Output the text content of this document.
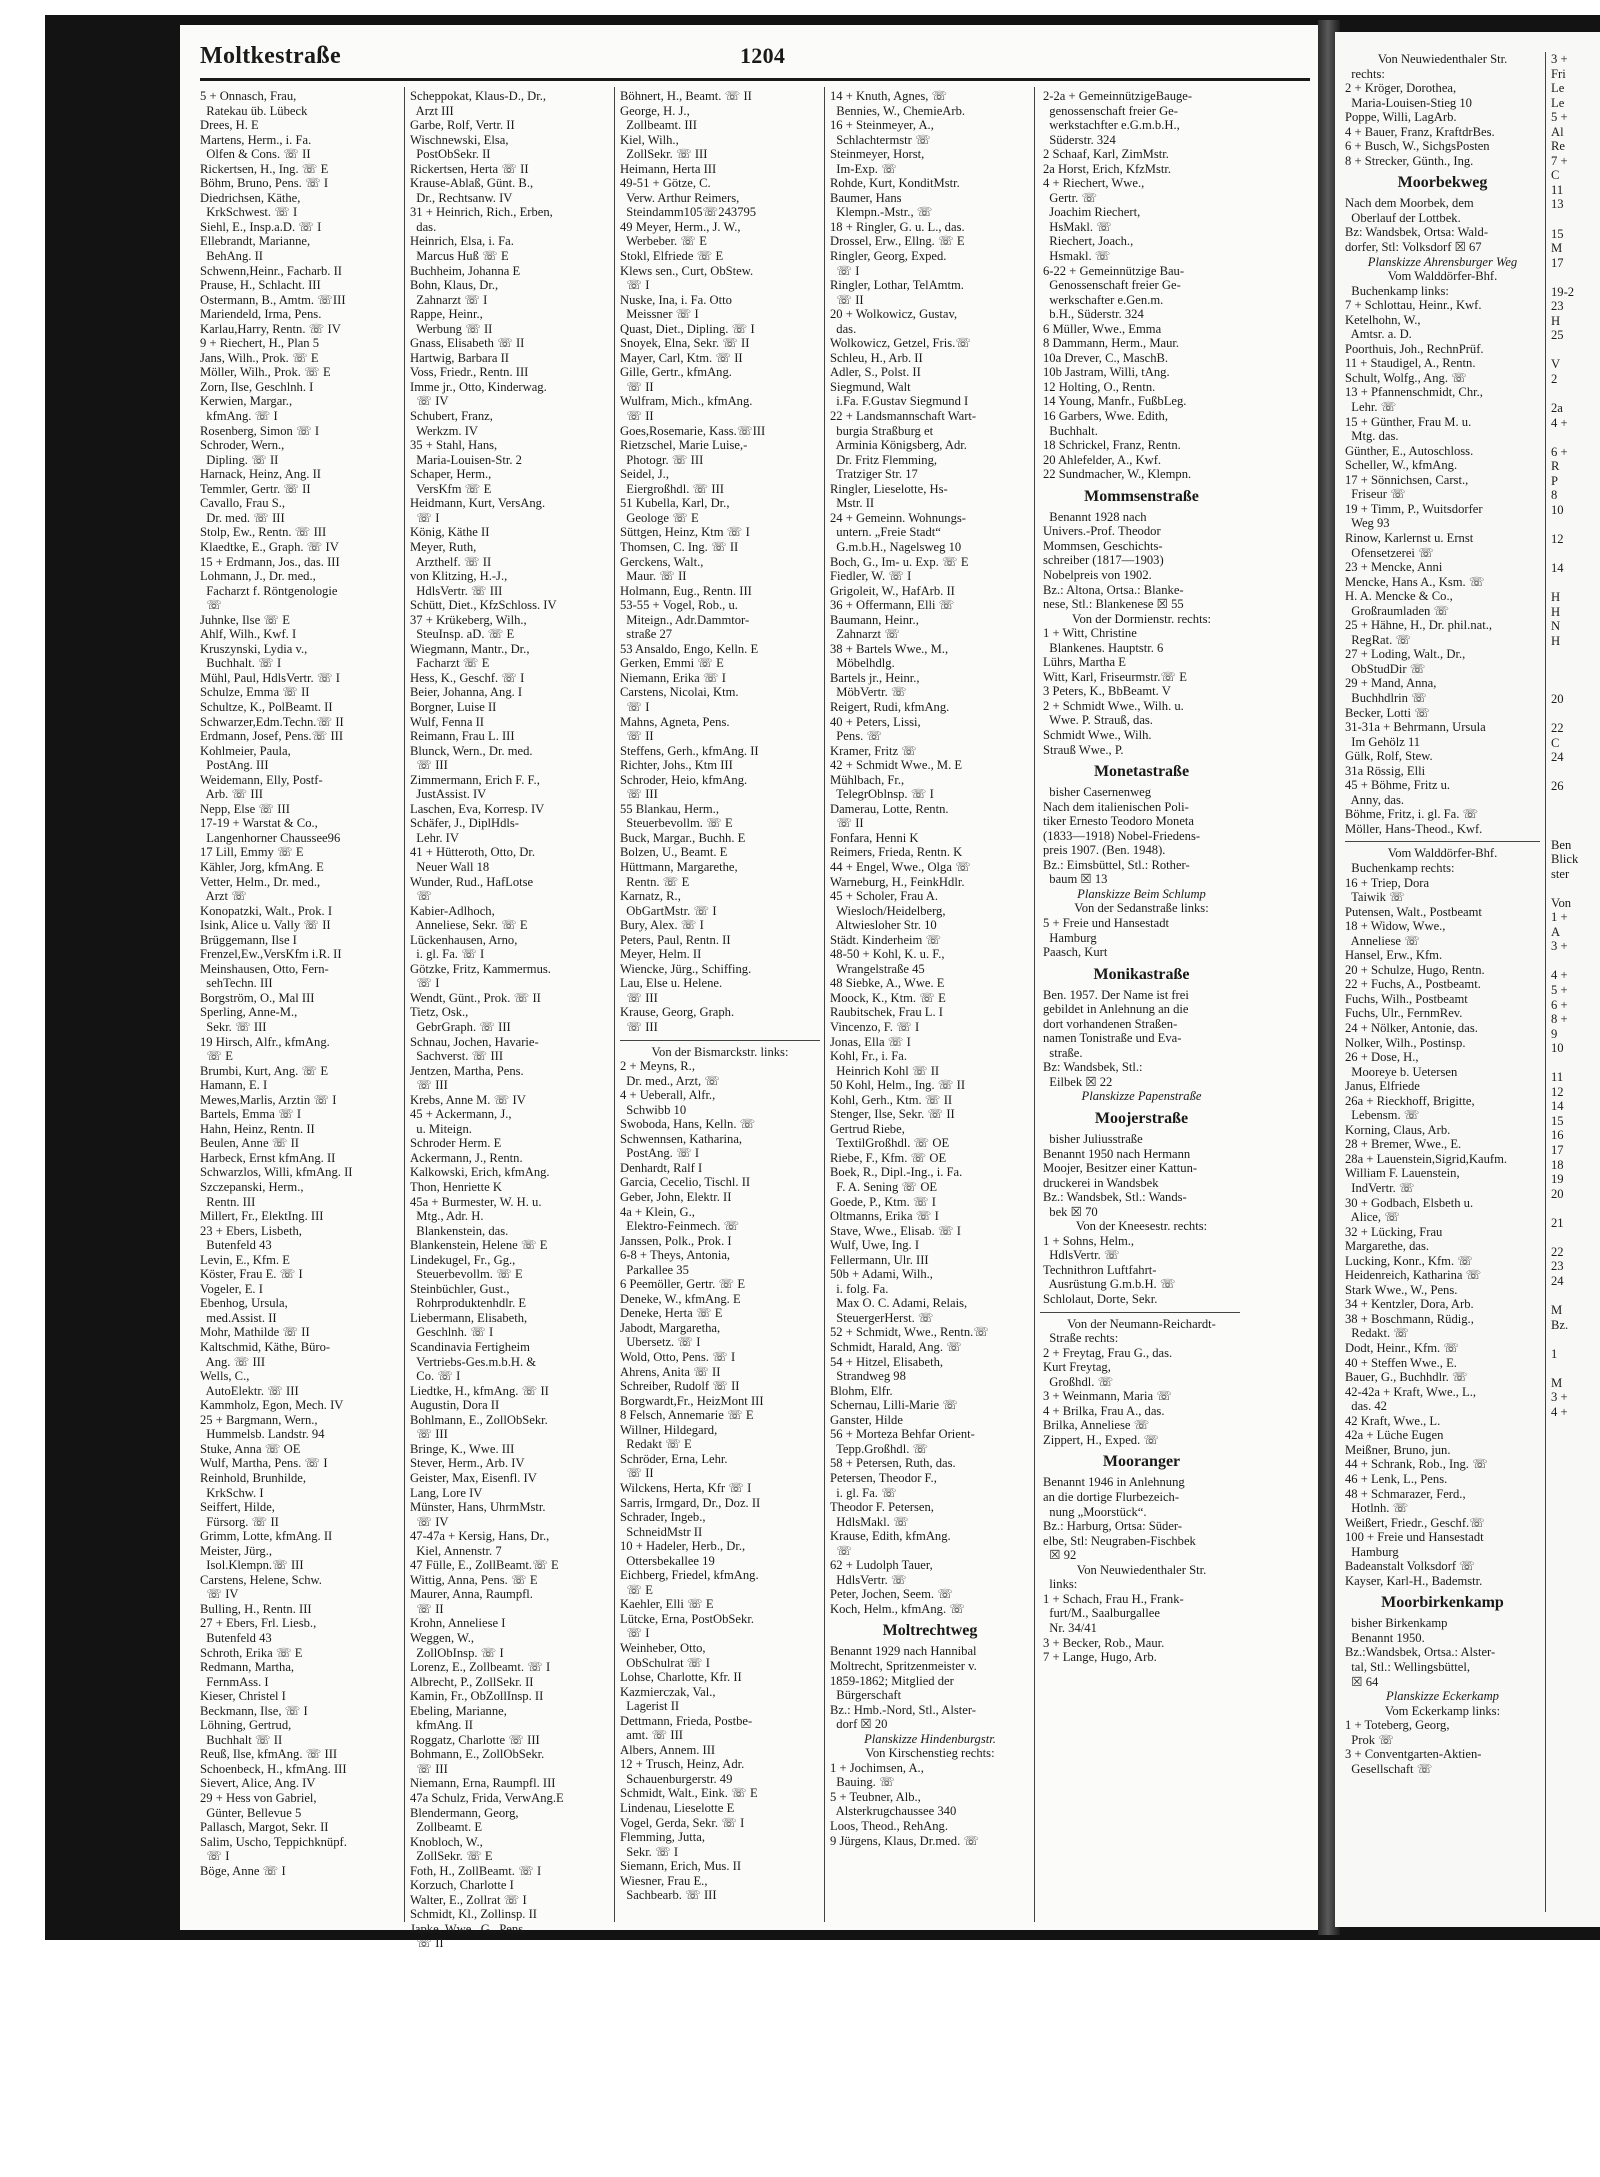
Moltkestraße	1204
5 + Onnasch, Frau,
Ratekau üb. Lübeck
Drees, H. E
Martens, Herm., i. Fa.
Olfen & Cons. ☏ II
Rickertsen, H., Ing. ☏ E
Böhm, Bruno, Pens. ☏ I
Diedrichsen, Käthe,
KrkSchwest. ☏ I
Siehl, E., Insp.a.D. ☏ I
Ellebrandt, Marianne,
BehAng. II
Schwenn,Heinr., Facharb. II
Prause, H., Schlacht. III
Ostermann, B., Amtm. ☏III
Mariendeld, Irma, Pens.
Karlau,Harry, Rentn. ☏ IV
9 + Riechert, H., Plan 5
Jans, Wilh., Prok. ☏ E
Möller, Wilh., Prok. ☏ E
Zorn, Ilse, Geschlnh. I
Kerwien, Margar.,
kfmAng. ☏ I
Rosenberg, Simon ☏ I
Schroder, Wern.,
Dipling. ☏ II
Harnack, Heinz, Ang. II
Temmler, Gertr. ☏ II
Cavallo, Frau S.,
Dr. med. ☏ III
Stolp, Ew., Rentn. ☏ III
Klaedtke, E., Graph. ☏ IV
15 + Erdmann, Jos., das. III
Lohmann, J., Dr. med.,
Facharzt f. Röntgenologie
☏
Juhnke, Ilse ☏ E
Ahlf, Wilh., Kwf. I
Kruszynski, Lydia v.,
Buchhalt. ☏ I
Mühl, Paul, HdlsVertr. ☏ I
Schulze, Emma ☏ II
Schultze, K., PolBeamt. II
Schwarzer,Edm.Techn.☏ II
Erdmann, Josef, Pens.☏ III
Kohlmeier, Paula,
PostAng. III
Weidemann, Elly, Postf-
Arb. ☏ III
Nepp, Else ☏ III
17-19 + Warstat & Co.,
Langenhorner Chaussee96
17 Lill, Emmy ☏ E
Kähler, Jorg, kfmAng. E
Vetter, Helm., Dr. med.,
Arzt ☏
Konopatzki, Walt., Prok. I
Isink, Alice u. Vally ☏ II
Brüggemann, Ilse I
Frenzel,Ew.,VersKfm i.R. II
Meinshausen, Otto, Fern-
sehTechn. III
Borgström, O., Mal III
Sperling, Anne-M.,
Sekr. ☏ III
19 Hirsch, Alfr., kfmAng.
☏ E
Brumbi, Kurt, Ang. ☏ E
Hamann, E. I
Mewes,Marlis, Arztin ☏ I
Bartels, Emma ☏ I
Hahn, Heinz, Rentn. II
Beulen, Anne ☏ II
Harbeck, Ernst kfmAng. II
Schwarzlos, Willi, kfmAng. II
Szczepanski, Herm.,
Rentn. III
Millert, Fr., ElektIng. III
23 + Ebers, Lisbeth,
Butenfeld 43
Levin, E., Kfm. E
Köster, Frau E. ☏ I
Vogeler, E. I
Ebenhog, Ursula,
med.Assist. II
Mohr, Mathilde ☏ II
Kaltschmid, Käthe, Büro-
Ang. ☏ III
Wells, C.,
AutoElektr. ☏ III
Kammholz, Egon, Mech. IV
25 + Bargmann, Wern.,
Hummelsb. Landstr. 94
Stuke, Anna ☏ OE
Wulf, Martha, Pens. ☏ I
Reinhold, Brunhilde,
KrkSchw. I
Seiffert, Hilde,
Fürsorg. ☏ II
Grimm, Lotte, kfmAng. II
Meister, Jürg.,
Isol.Klempn.☏ III
Carstens, Helene, Schw.
☏ IV
Bulling, H., Rentn. III
27 + Ebers, Frl. Liesb.,
Butenfeld 43
Schroth, Erika ☏ E
Redmann, Martha,
FernmAss. I
Kieser, Christel I
Beckmann, Ilse, ☏ I
Löhning, Gertrud,
Buchhalt ☏ II
Reuß, Ilse, kfmAng. ☏ III
Schoenbeck, H., kfmAng. III
Sievert, Alice, Ang. IV
29 + Hess von Gabriel,
Günter, Bellevue 5
Pallasch, Margot, Sekr. II
Salim, Uscho, Teppichknüpf.
☏ I
Böge, Anne ☏ I
Scheppokat, Klaus-D., Dr.,
Arzt III
Garbe, Rolf, Vertr. II
Wischnewski, Elsa,
PostObSekr. II
Rickertsen, Herta ☏ II
Krause-Ablaß, Günt. B.,
Dr., Rechtsanw. IV
31 + Heinrich, Rich., Erben,
das.
Heinrich, Elsa, i. Fa.
Marcus Huß ☏ E
Buchheim, Johanna E
Bohn, Klaus, Dr.,
Zahnarzt ☏ I
Rappe, Heinr.,
Werbung ☏ II
Gnass, Elisabeth ☏ II
Hartwig, Barbara II
Voss, Friedr., Rentn. III
Imme jr., Otto, Kinderwag.
☏ IV
Schubert, Franz,
Werkzm. IV
35 + Stahl, Hans,
Maria-Louisen-Str. 2
Schaper, Herm.,
VersKfm ☏ E
Heidmann, Kurt, VersAng.
☏ I
König, Käthe II
Meyer, Ruth,
Arzthelf. ☏ II
von Klitzing, H.-J.,
HdlsVertr. ☏ III
Schütt, Diet., KfzSchloss. IV
37 + Krükeberg, Wilh.,
SteuInsp. aD. ☏ E
Wiegmann, Mantr., Dr.,
Facharzt ☏ E
Hess, K., Geschf. ☏ I
Beier, Johanna, Ang. I
Borgner, Luise II
Wulf, Fenna II
Reimann, Frau L. III
Blunck, Wern., Dr. med.
☏ III
Zimmermann, Erich F. F.,
JustAssist. IV
Laschen, Eva, Korresp. IV
Schäfer, J., DiplHdls-
Lehr. IV
41 + Hütteroth, Otto, Dr.
Neuer Wall 18
Wunder, Rud., HafLotse
☏
Kabier-Adlhoch,
Anneliese, Sekr. ☏ E
Lückenhausen, Arno,
i. gl. Fa. ☏ I
Götzke, Fritz, Kammermus.
☏ I
Wendt, Günt., Prok. ☏ II
Tietz, Osk.,
GebrGraph. ☏ III
Schnau, Jochen, Havarie-
Sachverst. ☏ III
Jentzen, Martha, Pens.
☏ III
Krebs, Anne M. ☏ IV
45 + Ackermann, J.,
u. Miteign.
Schroder Herm. E
Ackermann, J., Rentn.
Kalkowski, Erich, kfmAng.
Thon, Henriette K
45a + Burmester, W. H. u.
Mtg., Adr. H.
Blankenstein, das.
Blankenstein, Helene ☏ E
Lindekugel, Fr., Gg.,
Steuerbevollm. ☏ E
Steinbüchler, Gust.,
Rohrproduktenhdlr. E
Liebermann, Elisabeth,
Geschlnh. ☏ I
Scandinavia Fertigheim
Vertriebs-Ges.m.b.H. &
Co. ☏ I
Liedtke, H., kfmAng. ☏ II
Augustin, Dora II
Bohlmann, E., ZollObSekr.
☏ III
Bringe, K., Wwe. III
Stever, Herm., Arb. IV
Geister, Max, Eisenfl. IV
Lang, Lore IV
Münster, Hans, UhrmMstr.
☏ IV
47-47a + Kersig, Hans, Dr.,
Kiel, Annenstr. 7
47 Fülle, E., ZollBeamt.☏ E
Wittig, Anna, Pens. ☏ E
Maurer, Anna, Raumpfl.
☏ II
Krohn, Anneliese I
Weggen, W.,
ZollObInsp. ☏ I
Lorenz, E., Zollbeamt. ☏ I
Albrecht, P., ZollSekr. II
Kamin, Fr., ObZollInsp. II
Ebeling, Marianne,
kfmAng. II
Roggatz, Charlotte ☏ III
Bohmann, E., ZollObSekr.
☏ III
Niemann, Erna, Raumpfl. III
47a Schulz, Frida, VerwAng.E
Blendermann, Georg,
Zollbeamt. E
Knobloch, W.,
ZollSekr. ☏ E
Foth, H., ZollBeamt. ☏ I
Korzuch, Charlotte I
Walter, E., Zollrat ☏ I
Schmidt, Kl., Zollinsp. II
Japke, Wwe., G., Pens.
☏ II
Böhnert, H., Beamt. ☏ II
George, H. J.,
Zollbeamt. III
Kiel, Wilh.,
ZollSekr. ☏ III
Heimann, Herta III
49-51 + Götze, C.
Verw. Arthur Reimers,
Steindamm105☏243795
49 Meyer, Herm., J. W.,
Werbeber. ☏ E
Stokl, Elfriede ☏ E
Klews sen., Curt, ObStew.
☏ I
Nuske, Ina, i. Fa. Otto
Meissner ☏ I
Quast, Diet., Dipling. ☏ I
Snoyek, Elna, Sekr. ☏ II
Mayer, Carl, Ktm. ☏ II
Gille, Gertr., kfmAng.
☏ II
Wulfram, Mich., kfmAng.
☏ II
Goes,Rosemarie, Kass.☏III
Rietzschel, Marie Luise,-
Photogr. ☏ III
Seidel, J.,
Eiergroßhdl. ☏ III
51 Kubella, Karl, Dr.,
Geologe ☏ E
Süttgen, Heinz, Ktm ☏ I
Thomsen, C. Ing. ☏ II
Gerckens, Walt.,
Maur. ☏ II
Holmann, Eug., Rentn. III
53-55 + Vogel, Rob., u.
Miteign., Adr.Dammtor-
straße 27
53 Ansaldo, Engo, Kelln. E
Gerken, Emmi ☏ E
Niemann, Erika ☏ I
Carstens, Nicolai, Ktm.
☏ I
Mahns, Agneta, Pens.
☏ II
Steffens, Gerh., kfmAng. II
Richter, Johs., Ktm III
Schroder, Heio, kfmAng.
☏ III
55 Blankau, Herm.,
Steuerbevollm. ☏ E
Buck, Margar., Buchh. E
Bolzen, U., Beamt. E
Hüttmann, Margarethe,
Rentn. ☏ E
Karnatz, R.,
ObGartMstr. ☏ I
Bury, Alex. ☏ I
Peters, Paul, Rentn. II
Meyer, Helm. II
Wiencke, Jürg., Schiffing.
Lau, Else u. Helene.
☏ III
Krause, Georg, Graph.
☏ III
Von der Bismarckstr. links:
2 + Meyns, R.,
Dr. med., Arzt, ☏
4 + Ueberall, Alfr.,
Schwibb 10
Swoboda, Hans, Kelln. ☏
Schwennsen, Katharina,
PostAng. ☏ I
Denhardt, Ralf I
Garcia, Cecelio, Tischl. II
Geber, John, Elektr. II
4a + Klein, G.,
Elektro-Feinmech. ☏
Janssen, Polk., Prok. I
6-8 + Theys, Antonia,
Parkallee 35
6 Peemöller, Gertr. ☏ E
Deneke, W., kfmAng. E
Deneke, Herta ☏ E
Jabodt, Margaretha,
Ubersetz. ☏ I
Wold, Otto, Pens. ☏ I
Ahrens, Anita ☏ II
Schreiber, Rudolf ☏ II
Borgwardt,Fr., HeizMont III
8 Felsch, Annemarie ☏ E
Willner, Hildegard,
Redakt ☏ E
Schröder, Erna, Lehr.
☏ II
Wilckens, Herta, Kfr ☏ I
Sarris, Irmgard, Dr., Doz. II
Schrader, Ingeb.,
SchneidMstr II
10 + Hadeler, Herb., Dr.,
Ottersbekallee 19
Eichberg, Friedel, kfmAng.
☏ E
Kaehler, Elli ☏ E
Lütcke, Erna, PostObSekr.
☏ I
Weinheber, Otto,
ObSchulrat ☏ I
Lohse, Charlotte, Kfr. II
Kazmierczak, Val.,
Lagerist II
Dettmann, Frieda, Postbe-
amt. ☏ III
Albers, Annem. III
12 + Trusch, Heinz, Adr.
Schauenburgerstr. 49
Schmidt, Walt., Eink. ☏ E
Lindenau, Lieselotte E
Vogel, Gerda, Sekr. ☏ I
Flemming, Jutta,
Sekr. ☏ I
Siemann, Erich, Mus. II
Wiesner, Frau E.,
Sachbearb. ☏ III
14 + Knuth, Agnes, ☏
Bennies, W., ChemieArb.
16 + Steinmeyer, A.,
Schlachtermstr ☏
Steinmeyer, Horst,
Im-Exp. ☏
Rohde, Kurt, KonditMstr.
Baumer, Hans
Klempn.-Mstr., ☏
18 + Ringler, G. u. L., das.
Drossel, Erw., Ellng. ☏ E
Ringler, Georg, Exped.
☏ I
Ringler, Lothar, TelAmtm.
☏ II
20 + Wolkowicz, Gustav,
das.
Wolkowicz, Getzel, Fris.☏
Schleu, H., Arb. II
Adler, S., Polst. II
Siegmund, Walt
i.Fa. F.Gustav Siegmund I
22 + Landsmannschaft Wart-
burgia Straßburg et
Arminia Königsberg, Adr.
Dr. Fritz Flemming,
Tratziger Str. 17
Ringler, Lieselotte, Hs-
Mstr. II
24 + Gemeinn. Wohnungs-
untern. „Freie Stadt“
G.m.b.H., Nagelsweg 10
Boch, G., Im- u. Exp. ☏ E
Fiedler, W. ☏ I
Grigoleit, W., HafArb. II
36 + Offermann, Elli ☏
Baumann, Heinr.,
Zahnarzt ☏
38 + Bartels Wwe., M.,
Möbelhdlg.
Bartels jr., Heinr.,
MöbVertr. ☏
Reigert, Rudi, kfmAng.
40 + Peters, Lissi,
Pens. ☏
Kramer, Fritz ☏
42 + Schmidt Wwe., M. E
Mühlbach, Fr.,
TelegrOblnsp. ☏ I
Damerau, Lotte, Rentn.
☏ II
Fonfara, Henni K
Reimers, Frieda, Rentn. K
44 + Engel, Wwe., Olga ☏
Warneburg, H., FeinkHdlr.
45 + Scholer, Frau A.
Wiesloch/Heidelberg,
Altwiesloher Str. 10
Städt. Kinderheim ☏
48-50 + Kohl, K. u. F.,
Wrangelstraße 45
48 Siebke, A., Wwe. E
Moock, K., Ktm. ☏ E
Raubitschek, Frau L. I
Vincenzo, F. ☏ I
Jonas, Ella ☏ I
Kohl, Fr., i. Fa.
Heinrich Kohl ☏ II
50 Kohl, Helm., Ing. ☏ II
Kohl, Gerh., Ktm. ☏ II
Stenger, Ilse, Sekr. ☏ II
Gertrud Riebe,
TextilGroßhdl. ☏ OE
Riebe, F., Kfm. ☏ OE
Boek, R., Dipl.-Ing., i. Fa.
F. A. Sening ☏ OE
Goede, P., Ktm. ☏ I
Oltmanns, Erika ☏ I
Stave, Wwe., Elisab. ☏ I
Wulf, Uwe, Ing. I
Fellermann, Ulr. III
50b + Adami, Wilh.,
i. folg. Fa.
Max O. C. Adami, Relais,
SteuergerHerst. ☏
52 + Schmidt, Wwe., Rentn.☏
Schmidt, Harald, Ang. ☏
54 + Hitzel, Elisabeth,
Strandweg 98
Blohm, Elfr.
Schernau, Lilli-Marie ☏
Ganster, Hilde
56 + Morteza Behfar Orient-
Tepp.Großhdl. ☏
58 + Petersen, Ruth, das.
Petersen, Theodor F.,
i. gl. Fa. ☏
Theodor F. Petersen,
HdlsMakl. ☏
Krause, Edith, kfmAng.
☏
62 + Ludolph Tauer,
HdlsVertr. ☏
Peter, Jochen, Seem. ☏
Koch, Helm., kfmAng. ☏
Moltrechtweg
Benannt 1929 nach Hannibal
Moltrecht, Spritzenmeister v.
1859-1862; Mitglied der
Bürgerschaft
Bz.: Hmb.-Nord, Stl., Alster-
dorf ☒ 20
Planskizze Hindenburgstr.
Von Kirschenstieg rechts:
1 + Jochimsen, A.,
Bauing. ☏
5 + Teubner, Alb.,
Alsterkrugchaussee 340
Loos, Theod., RehAng.
9 Jürgens, Klaus, Dr.med. ☏
2-2a + GemeinnützigeBauge-
genossenschaft freier Ge-
werkstachfter e.G.m.b.H.,
Süderstr. 324
2 Schaaf, Karl, ZimMstr.
2a Horst, Erich, KfzMstr.
4 + Riechert, Wwe.,
Gertr. ☏
Joachim Riechert,
HsMakl. ☏
Riechert, Joach.,
Hsmakl. ☏
6-22 + Gemeinnützige Bau-
Genossenschaft freier Ge-
werkschafter e.Gen.m.
b.H., Süderstr. 324
6 Müller, Wwe., Emma
8 Dammann, Herm., Maur.
10a Drever, C., MaschB.
10b Jastram, Willi, tAng.
12 Holting, O., Rentn.
14 Young, Manfr., FußbLeg.
16 Garbers, Wwe. Edith,
Buchhalt.
18 Schrickel, Franz, Rentn.
20 Ahlefelder, A., Kwf.
22 Sundmacher, W., Klempn.
Mommsenstraße
Benannt 1928 nach
Univers.-Prof. Theodor
Mommsen, Geschichts-
schreiber (1817—1903)
Nobelpreis von 1902.
Bz.: Altona, Ortsa.: Blanke-
nese, Stl.: Blankenese ☒ 55
Von der Dormienstr. rechts:
1 + Witt, Christine
Blankenes. Hauptstr. 6
Lührs, Martha E
Witt, Karl, Friseurmstr.☏ E
3 Peters, K., BbBeamt. V
2 + Schmidt Wwe., Wilh. u.
Wwe. P. Strauß, das.
Schmidt Wwe., Wilh.
Strauß Wwe., P.
Monetastraße
bisher Casernenweg
Nach dem italienischen Poli-
tiker Ernesto Teodoro Moneta
(1833—1918) Nobel-Friedens-
preis 1907. (Ben. 1948).
Bz.: Eimsbüttel, Stl.: Rother-
baum ☒ 13
Planskizze Beim Schlump
Von der Sedanstraße links:
5 + Freie und Hansestadt
Hamburg
Paasch, Kurt
Monikastraße
Ben. 1957. Der Name ist frei
gebildet in Anlehnung an die
dort vorhandenen Straßen-
namen Tonistraße und Eva-
straße.
Bz: Wandsbek, Stl.:
Eilbek ☒ 22
Planskizze Papenstraße
Moojerstraße
bisher Juliusstraße
Benannt 1950 nach Hermann
Moojer, Besitzer einer Kattun-
druckerei in Wandsbek
Bz.: Wandsbek, Stl.: Wands-
bek ☒ 70
Von der Kneesestr. rechts:
1 + Sohns, Helm.,
HdlsVertr. ☏
Technithron Luftfahrt-
Ausrüstung G.m.b.H. ☏
Schlolaut, Dorte, Sekr.
Von der Neumann-Reichardt-
Straße rechts:
2 + Freytag, Frau G., das.
Kurt Freytag,
Großhdl. ☏
3 + Weinmann, Maria ☏
4 + Brilka, Frau A., das.
Brilka, Anneliese ☏
Zippert, H., Exped. ☏
Mooranger
Benannt 1946 in Anlehnung
an die dortige Flurbezeich-
nung „Moorstück“.
Bz.: Harburg, Ortsa: Süder-
elbe, Stl: Neugraben-Fischbek
☒ 92
Von Neuwiedenthaler Str.
links:
1 + Schach, Frau H., Frank-
furt/M., Saalburgallee
Nr. 34/41
3 + Becker, Rob., Maur.
7 + Lange, Hugo, Arb.
Von Neuwiedenthaler Str.
rechts:
2 + Kröger, Dorothea,
Maria-Louisen-Stieg 10
Poppe, Willi, LagArb.
4 + Bauer, Franz, KraftdrBes.
6 + Busch, W., SichgsPosten
8 + Strecker, Günth., Ing.
Moorbekweg
Nach dem Moorbek, dem
Oberlauf der Lottbek.
Bz: Wandsbek, Ortsa: Wald-
dorfer, Stl: Volksdorf ☒ 67
Planskizze Ahrensburger Weg
Vom Walddörfer-Bhf.
Buchenkamp links:
7 + Schlottau, Heinr., Kwf.
Ketelhohn, W.,
Amtsr. a. D.
Poorthuis, Joh., RechnPrüf.
11 + Staudigel, A., Rentn.
Schult, Wolfg., Ang. ☏
13 + Pfannenschmidt, Chr.,
Lehr. ☏
15 + Günther, Frau M. u.
Mtg. das.
Günther, E., Autoschloss.
Scheller, W., kfmAng.
17 + Sönnichsen, Carst.,
Friseur ☏
19 + Timm, P., Wuitsdorfer
Weg 93
Rinow, Karlernst u. Ernst
Ofensetzerei ☏
23 + Mencke, Anni
Mencke, Hans A., Ksm. ☏
H. A. Mencke & Co.,
Großraumladen ☏
25 + Hähne, H., Dr. phil.nat.,
RegRat. ☏
27 + Loding, Walt., Dr.,
ObStudDir ☏
29 + Mand, Anna,
Buchhdlrin ☏
Becker, Lotti ☏
31-31a + Behrmann, Ursula
Im Gehölz 11
Gülk, Rolf, Stew.
31a Rössig, Elli
45 + Böhme, Fritz u.
Anny, das.
Böhme, Fritz, i. gl. Fa. ☏
Möller, Hans-Theod., Kwf.
Vom Walddörfer-Bhf.
Buchenkamp rechts:
16 + Triep, Dora
Taiwik ☏
Putensen, Walt., Postbeamt
18 + Widow, Wwe.,
Anneliese ☏
Hansel, Erw., Kfm.
20 + Schulze, Hugo, Rentn.
22 + Fuchs, A., Postbeamt.
Fuchs, Wilh., Postbeamt
Fuchs, Ulr., FernmRev.
24 + Nölker, Antonie, das.
Nolker, Wilh., Postinsp.
26 + Dose, H.,
Mooreye b. Uetersen
Janus, Elfriede
26a + Rieckhoff, Brigitte,
Lebensm. ☏
Korning, Claus, Arb.
28 + Bremer, Wwe., E.
28a + Lauenstein,Sigrid,Kaufm.
William F. Lauenstein,
IndVertr. ☏
30 + Godbach, Elsbeth u.
Alice, ☏
32 + Lücking, Frau
Margarethe, das.
Lucking, Konr., Kfm. ☏
Heidenreich, Katharina ☏
Stark Wwe., W., Pens.
34 + Kentzler, Dora, Arb.
38 + Boschmann, Rüdig.,
Redakt. ☏
Dodt, Heinr., Kfm. ☏
40 + Steffen Wwe., E.
Bauer, G., Buchhdlr. ☏
42-42a + Kraft, Wwe., L.,
das. 42
42 Kraft, Wwe., L.
42a + Lüche Eugen
Meißner, Bruno, jun.
44 + Schrank, Rob., Ing. ☏
46 + Lenk, L., Pens.
48 + Schmarazer, Ferd.,
Hotlnh. ☏
Weißert, Friedr., Geschf.☏
100 + Freie und Hansestadt
Hamburg
Badeanstalt Volksdorf ☏
Kayser, Karl-H., Bademstr.
Moorbirkenkamp
bisher Birkenkamp
Benannt 1950.
Bz.:Wandsbek, Ortsa.: Alster-
tal, Stl.: Wellingsbüttel,
☒ 64
Planskizze Eckerkamp
Vom Eckerkamp links:
1 + Toteberg, Georg,
Prok ☏
3 + Conventgarten-Aktien-
Gesellschaft ☏
3 +
Fri
Le
Le
5 +
Al
Re
7 +
C
11
13

15
M
17

19-2
23
H
25

V
2

2a
4 +

6 +
R
P
8
10

12

14

H
H
N
H

20

22
C
24

26

Ben
Blick
ster

Von
1 +
A
3 +

4 +
5 +
6 +
8 +
9
10

11
12
14
15
16
17
18
19
20

21

22
23
24

M
Bz.

1

M
3 +
4 +
